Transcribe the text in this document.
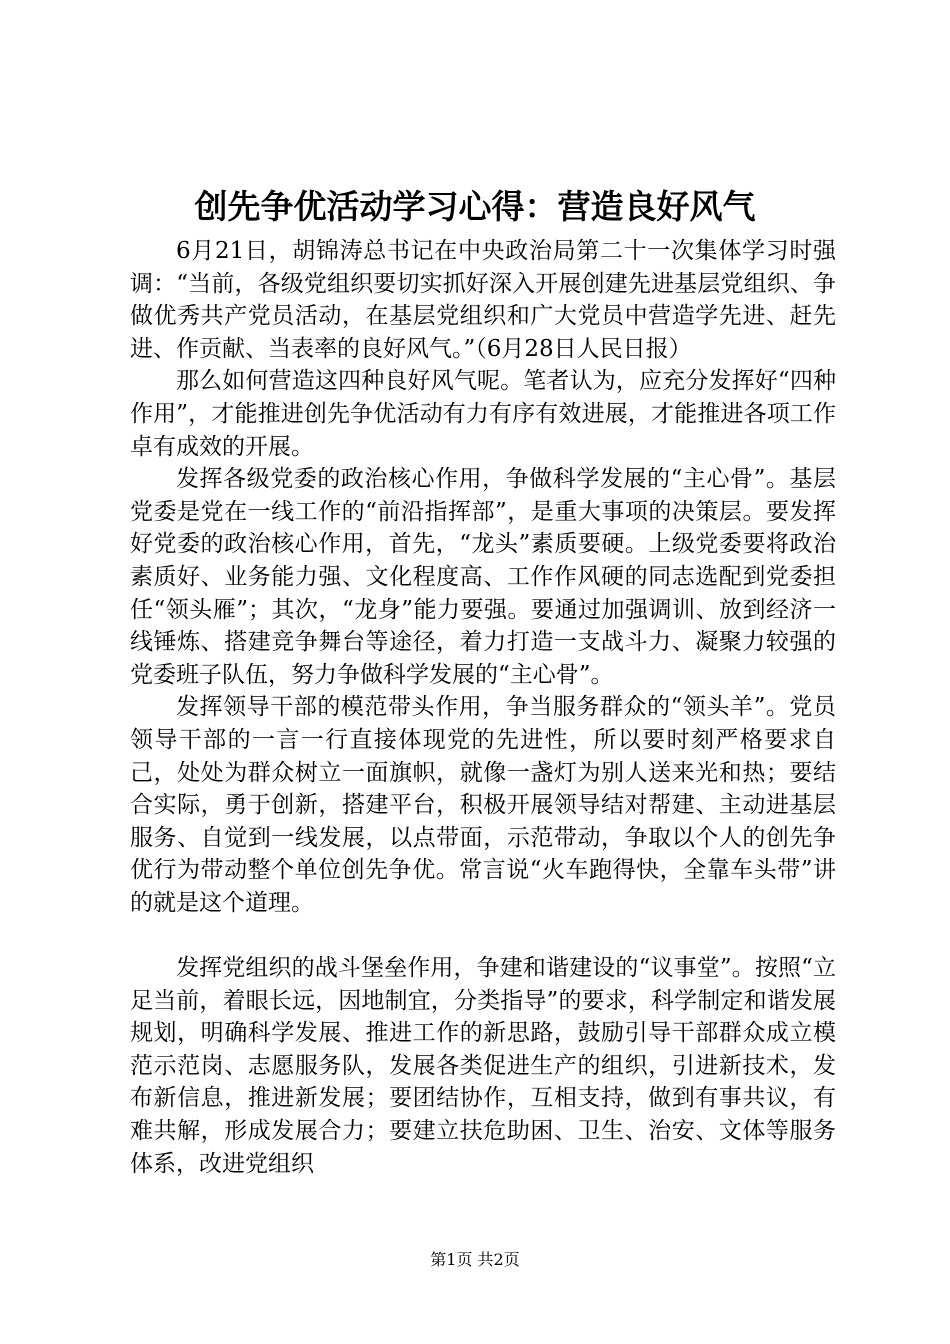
创先争优活动学习心得：营造良好风气

6月21日，胡锦涛总书记在中央政治局第二十一次集体学习时强调：“当前，各级党组织要切实抓好深入开展创建先进基层党组织、争做优秀共产党员活动，在基层党组织和广大党员中营造学先进、赶先进、作贡献、当表率的良好风气。”（6月28日人民日报）

那么如何营造这四种良好风气呢。笔者认为，应充分发挥好“四种作用”，才能推进创先争优活动有力有序有效进展，才能推进各项工作卓有成效的开展。

发挥各级党委的政治核心作用，争做科学发展的“主心骨”。基层党委是党在一线工作的“前沿指挥部”，是重大事项的决策层。要发挥好党委的政治核心作用，首先，“龙头”素质要硬。上级党委要将政治素质好、业务能力强、文化程度高、工作作风硬的同志选配到党委担任“领头雁”；其次，“龙身”能力要强。要通过加强调训、放到经济一线锤炼、搭建竞争舞台等途径，着力打造一支战斗力、凝聚力较强的党委班子队伍，努力争做科学发展的“主心骨”。

发挥领导干部的模范带头作用，争当服务群众的“领头羊”。党员领导干部的一言一行直接体现党的先进性，所以要时刻严格要求自己，处处为群众树立一面旗帜，就像一盏灯为别人送来光和热；要结合实际，勇于创新，搭建平台，积极开展领导结对帮建、主动进基层服务、自觉到一线发展，以点带面，示范带动，争取以个人的创先争优行为带动整个单位创先争优。常言说“火车跑得快，全靠车头带”讲的就是这个道理。

发挥党组织的战斗堡垒作用，争建和谐建设的“议事堂”。按照“立足当前，着眼长远，因地制宜，分类指导”的要求，科学制定和谐发展规划，明确科学发展、推进工作的新思路，鼓励引导干部群众成立模范示范岗、志愿服务队，发展各类促进生产的组织，引进新技术，发布新信息，推进新发展；要团结协作，互相支持，做到有事共议，有难共解，形成发展合力；要建立扶危助困、卫生、治安、文体等服务体系，改进党组织

第1页 共2页
